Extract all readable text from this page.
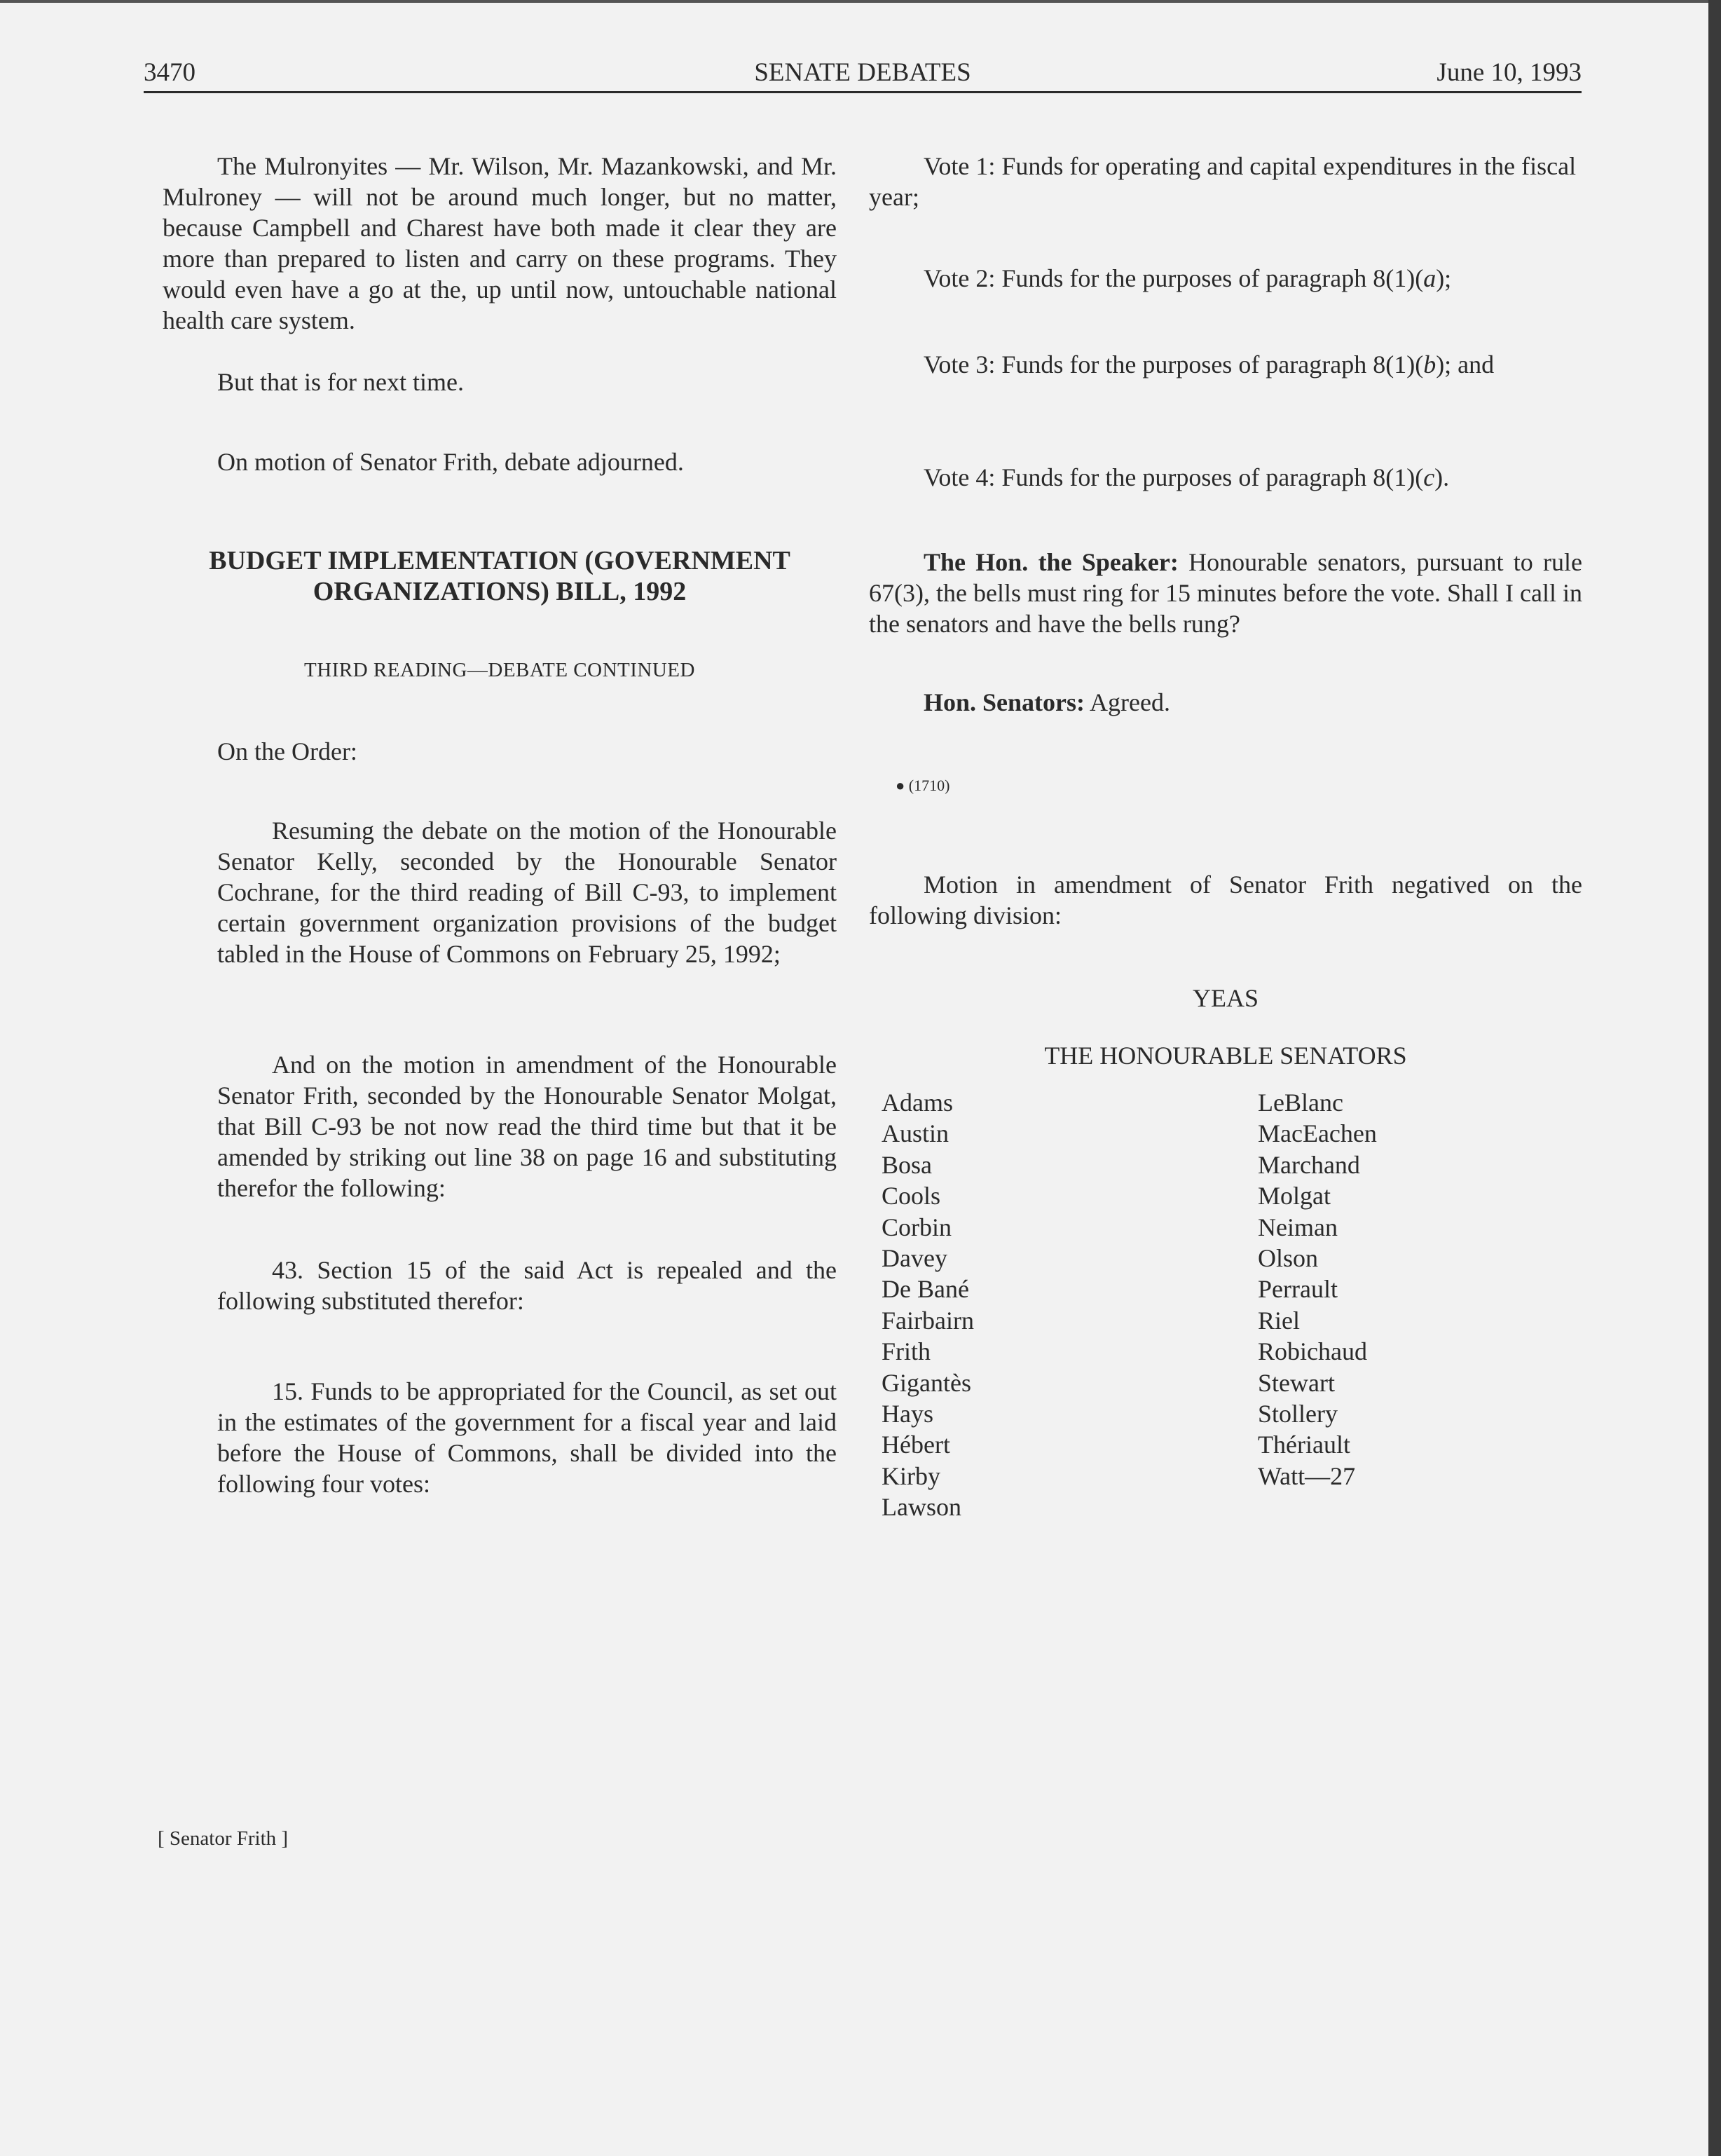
3470	SENATE DEBATES	June 10, 1993

The Mulronyites — Mr. Wilson, Mr. Mazankowski, and Mr. Mulroney — will not be around much longer, but no matter, because Campbell and Charest have both made it clear they are more than prepared to listen and carry on these programs. They would even have a go at the, up until now, untouchable national health care system.

But that is for next time.

On motion of Senator Frith, debate adjourned.

BUDGET IMPLEMENTATION (GOVERNMENT
ORGANIZATIONS) BILL, 1992
THIRD READING—DEBATE CONTINUED

On the Order:

Resuming the debate on the motion of the Honourable Senator Kelly, seconded by the Honourable Senator Cochrane, for the third reading of Bill C-93, to implement certain government organization provisions of the budget tabled in the House of Commons on February 25, 1992;

And on the motion in amendment of the Honourable Senator Frith, seconded by the Honourable Senator Molgat, that Bill C-93 be not now read the third time but that it be amended by striking out line 38 on page 16 and substituting therefor the following:

43. Section 15 of the said Act is repealed and the following substituted therefor:

15. Funds to be appropriated for the Council, as set out in the estimates of the government for a fiscal year and laid before the House of Commons, shall be divided into the following four votes:

Vote 1: Funds for operating and capital expenditures in the fiscal year;

Vote 2: Funds for the purposes of paragraph 8(1)(a);

Vote 3: Funds for the purposes of paragraph 8(1)(b); and

Vote 4: Funds for the purposes of paragraph 8(1)(c).

The Hon. the Speaker: Honourable senators, pursuant to rule 67(3), the bells must ring for 15 minutes before the vote. Shall I call in the senators and have the bells rung?

Hon. Senators: Agreed.

● (1710)

Motion in amendment of Senator Frith negatived on the following division:

YEAS
THE HONOURABLE SENATORS
Adams
Austin
Bosa
Cools
Corbin
Davey
De Bané
Fairbairn
Frith
Gigantès
Hays
Hébert
Kirby
Lawson
LeBlanc
MacEachen
Marchand
Molgat
Neiman
Olson
Perrault
Riel
Robichaud
Stewart
Stollery
Thériault
Watt—27
[ Senator Frith ]
